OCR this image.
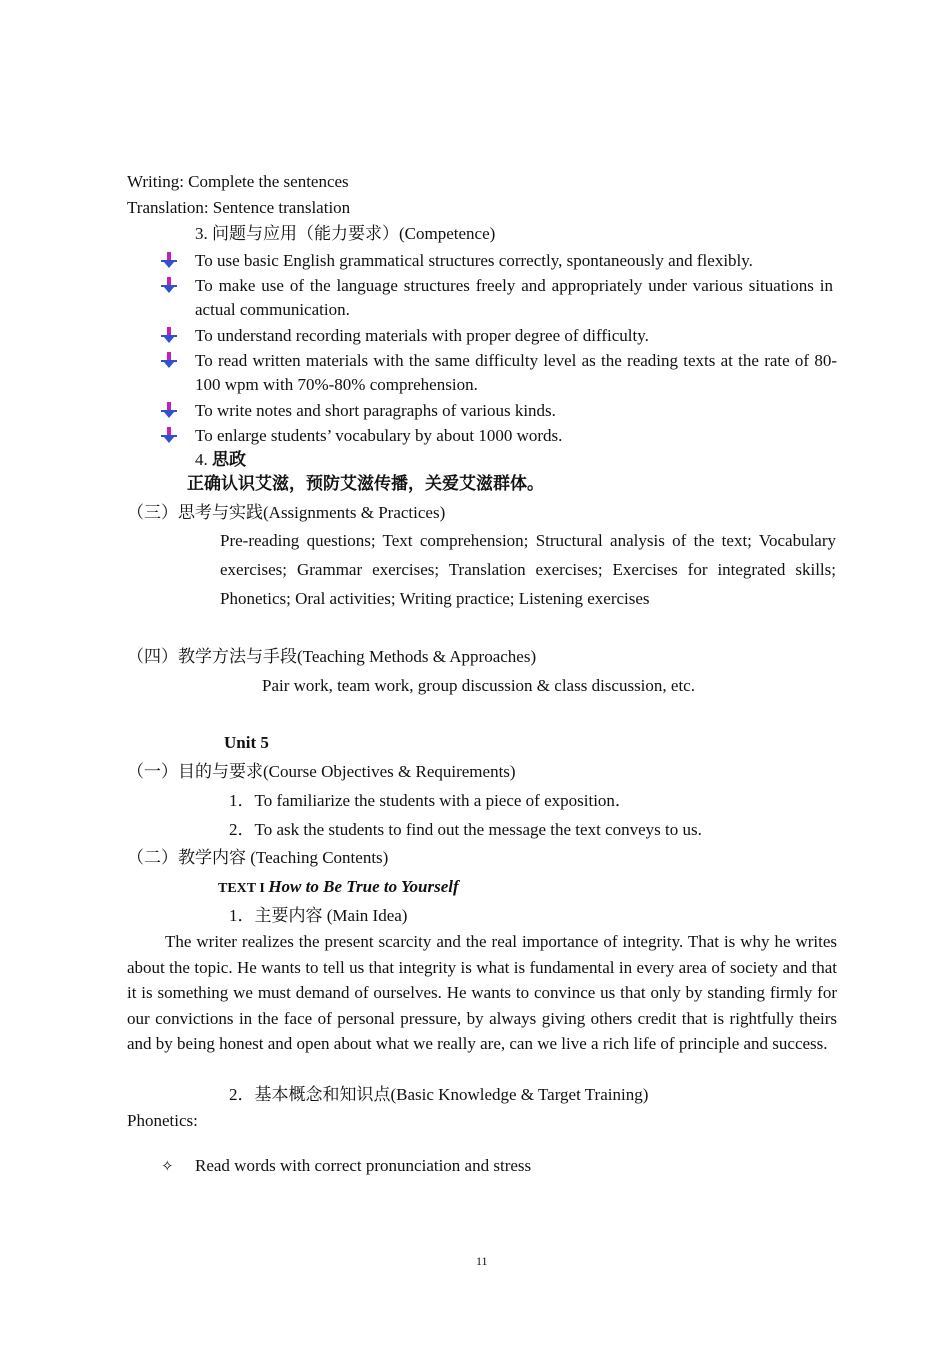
Writing: Complete the sentences
Translation: Sentence translation
3. 问题与应用（能力要求）(Competence)
To use basic English grammatical structures correctly, spontaneously and flexibly.
To make use of the language structures freely and appropriately under various situations in actual communication.
To understand recording materials with proper degree of difficulty.
To read written materials with the same difficulty level as the reading texts at the rate of 80-100 wpm with 70%-80% comprehension.
To write notes and short paragraphs of various kinds.
To enlarge students’ vocabulary by about 1000 words.
4. 思政
正确认识艾滋，预防艾滋传播，关爱艾滋群体。
（三）思考与实践(Assignments & Practices)
Pre-reading questions; Text comprehension; Structural analysis of the text; Vocabulary exercises; Grammar exercises; Translation exercises; Exercises for integrated skills; Phonetics; Oral activities; Writing practice; Listening exercises
（四）教学方法与手段(Teaching Methods & Approaches)
Pair work, team work, group discussion & class discussion, etc.
Unit 5
（一）目的与要求(Course Objectives & Requirements)
1．To familiarize the students with a piece of exposition．
2．To ask the students to find out the message the text conveys to us.
（二）教学内容 (Teaching Contents)
TEXT I How to Be True to Yourself
1．主要内容 (Main Idea)
The writer realizes the present scarcity and the real importance of integrity. That is why he writes about the topic. He wants to tell us that integrity is what is fundamental in every area of society and that it is something we must demand of ourselves. He wants to convince us that only by standing firmly for our convictions in the face of personal pressure, by always giving others credit that is rightfully theirs and by being honest and open about what we really are, can we live a rich life of principle and success.
2．基本概念和知识点(Basic Knowledge & Target Training)
Phonetics:
✧ Read words with correct pronunciation and stress
11
